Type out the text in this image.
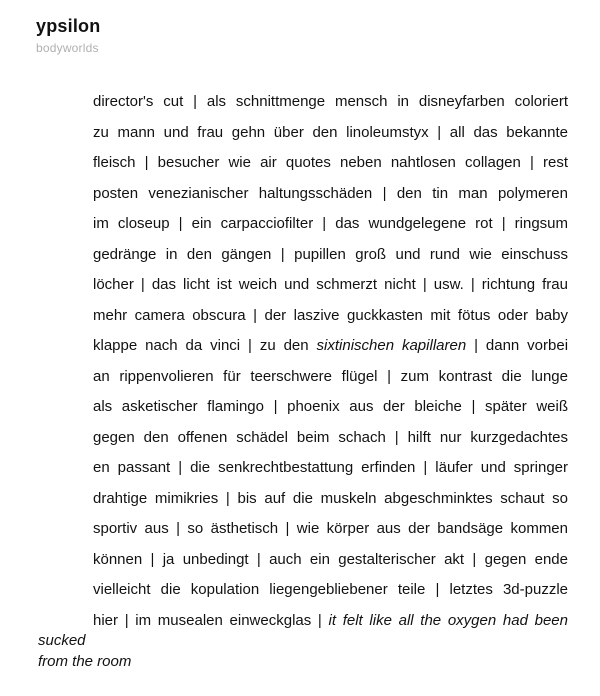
ypsilon
bodyworlds
director's cut | als schnittmenge mensch in disneyfarben coloriert
zu mann und frau gehn über den linoleumstyx | all das bekannte
fleisch | besucher wie air quotes neben nahtlosen collagen | rest
posten venezianischer haltungsschäden | den tin man polymeren
im closeup | ein carpacciofilter | das wundgelegene rot | ringsum
gedränge in den gängen | pupillen groß und rund wie einschuss
löcher | das licht ist weich und schmerzt nicht | usw. | richtung frau
mehr camera obscura | der laszive guckkasten mit fötus oder baby
klappe nach da vinci | zu den sixtinischen kapillaren | dann vorbei
an rippenvolieren für teerschwere flügel | zum kontrast die lunge
als asketischer flamingo | phoenix aus der bleiche | später weiß
gegen den offenen schädel beim schach | hilft nur kurzgedachtes
en passant | die senkrechtbestattung erfinden | läufer und springer
drahtige mimikries | bis auf die muskeln abgeschminktes schaut so
sportiv aus | so ästhetisch | wie körper aus der bandsäge kommen
können | ja unbedingt | auch ein gestalterischer akt | gegen ende
vielleicht die kopulation liegengebliebener teile | letztes 3d-puzzle
hier | im musealen einweckglas | it felt like all the oxygen had been
sucked
from the room
